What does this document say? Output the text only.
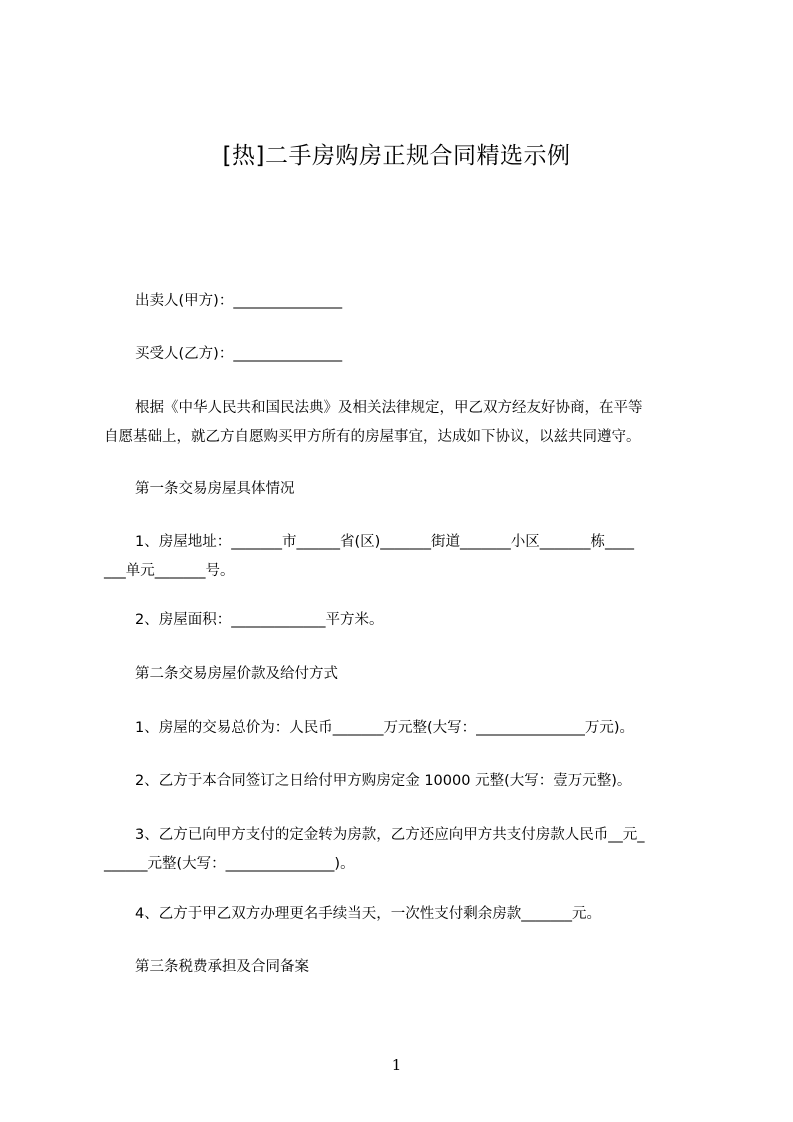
[热]二手房购房正规合同精选示例
出卖人(甲方)：_______________
买受人(乙方)：_______________
根据《中华人民共和国民法典》及相关法律规定，甲乙双方经友好协商，在平等
自愿基础上，就乙方自愿购买甲方所有的房屋事宜，达成如下协议，以兹共同遵守。
第一条交易房屋具体情况
1、房屋地址：_______市______省(区)_______街道_______小区_______栋____
___单元_______号。
2、房屋面积：_____________平方米。
第二条交易房屋价款及给付方式
1、房屋的交易总价为：人民币_______万元整(大写：_______________万元)。
2、乙方于本合同签订之日给付甲方购房定金 10000 元整(大写：壹万元整)。
3、乙方已向甲方支付的定金转为房款，乙方还应向甲方共支付房款人民币__元_
______元整(大写：_______________)。
4、乙方于甲乙双方办理更名手续当天，一次性支付剩余房款_______元。
第三条税费承担及合同备案
1
